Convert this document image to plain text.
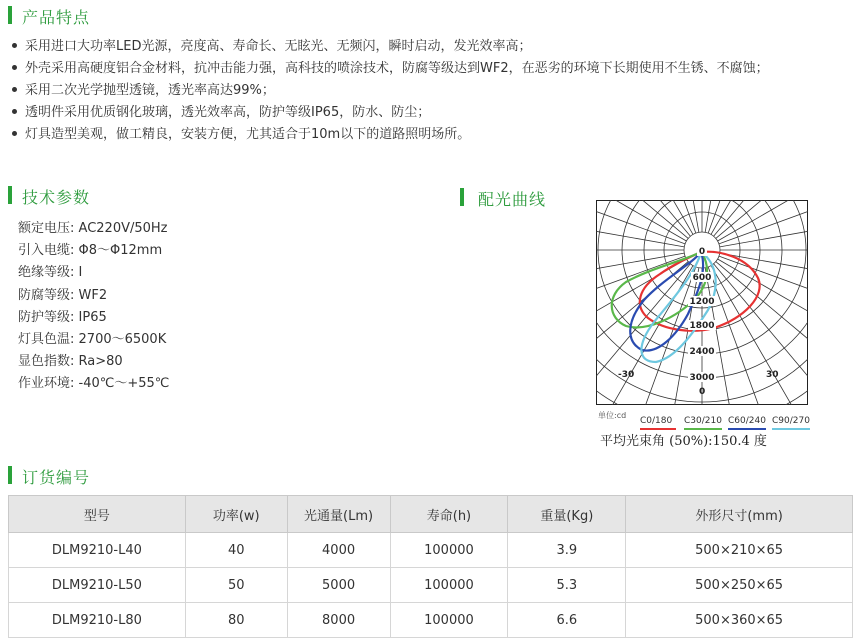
产品特点
采用进口大功率LED光源，亮度高、寿命长、无眩光、无频闪，瞬时启动，发光效率高；
外壳采用高硬度铝合金材料，抗冲击能力强，高科技的喷涂技术，防腐等级达到WF2，在恶劣的环境下长期使用不生锈、不腐蚀；
采用二次光学抛型透镜，透光率高达99%；
透明件采用优质钢化玻璃，透光效率高，防护等级IP65，防水、防尘；
灯具造型美观，做工精良，安装方便，尤其适合于10m以下的道路照明场所。
技术参数
额定电压: AC220V/50Hz
引入电缆: Φ8～Φ12mm
绝缘等级: I
防腐等级: WF2
防护等级: IP65
灯具色温: 2700～6500K
显色指数: Ra>80
作业环境: -40℃～+55℃
配光曲线
0
600
1200
1800
2400
3000
-30	30
0
单位:cd
C0/180	C30/210 C60/240 C90/270
平均光束角 (50%):150.4 度
订货编号
型号	功率(w)	光通量(Lm)	寿命(h)	重量(Kg)	外形尺寸(mm)
DLM9210-L40	40	4000	100000	3.9	500×210×65
DLM9210-L50	50	5000	100000	5.3	500×250×65
DLM9210-L80	80	8000	100000	6.6	500×360×65
